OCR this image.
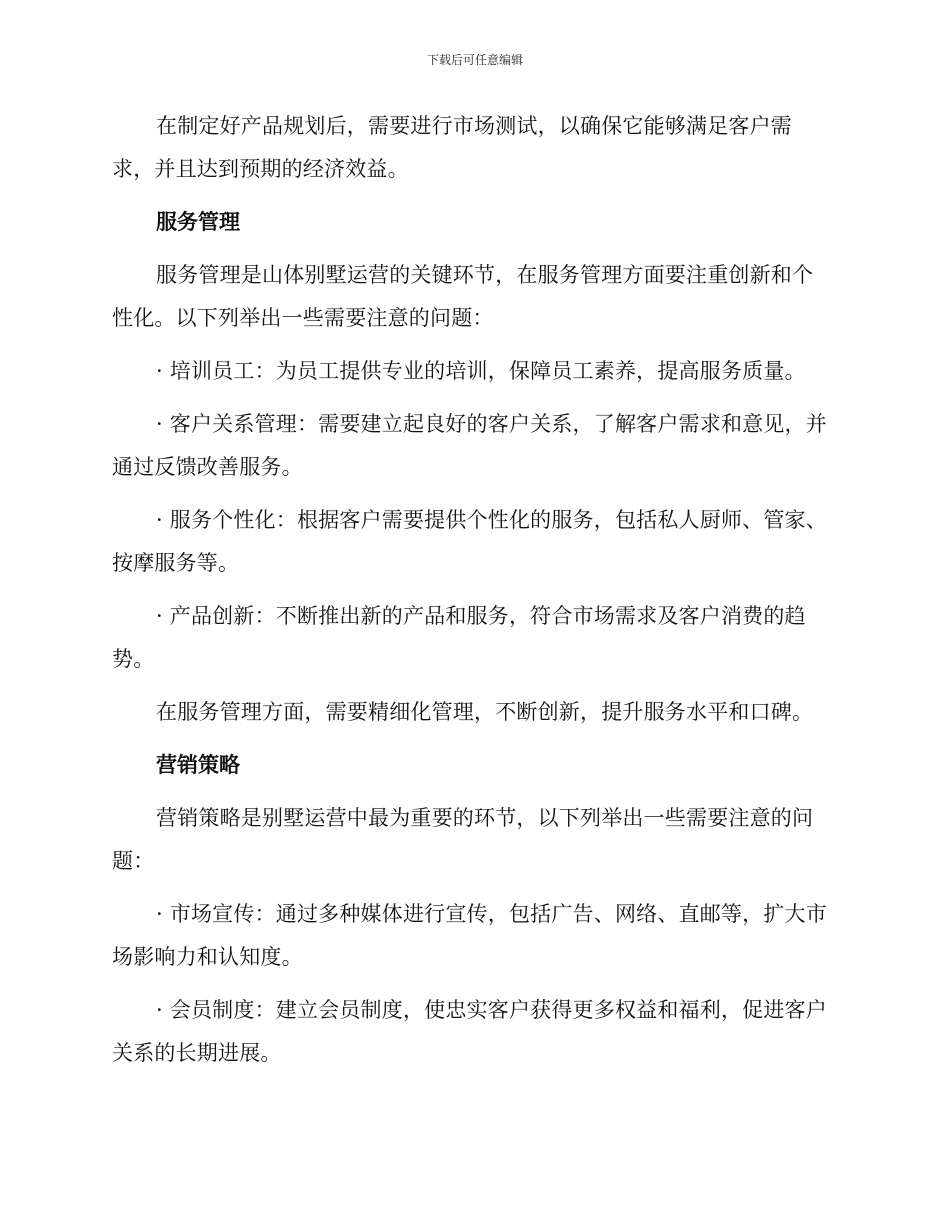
下载后可任意编辑

在制定好产品规划后，需要进行市场测试，以确保它能够满足客户需求，并且达到预期的经济效益。

服务管理

服务管理是山体别墅运营的关键环节，在服务管理方面要注重创新和个性化。以下列举出一些需要注意的问题：

· 培训员工：为员工提供专业的培训，保障员工素养，提高服务质量。

· 客户关系管理：需要建立起良好的客户关系，了解客户需求和意见，并通过反馈改善服务。

· 服务个性化：根据客户需要提供个性化的服务，包括私人厨师、管家、按摩服务等。

· 产品创新：不断推出新的产品和服务，符合市场需求及客户消费的趋势。

在服务管理方面，需要精细化管理，不断创新，提升服务水平和口碑。

营销策略

营销策略是别墅运营中最为重要的环节，以下列举出一些需要注意的问题：

· 市场宣传：通过多种媒体进行宣传，包括广告、网络、直邮等，扩大市场影响力和认知度。

· 会员制度：建立会员制度，使忠实客户获得更多权益和福利，促进客户关系的长期进展。
